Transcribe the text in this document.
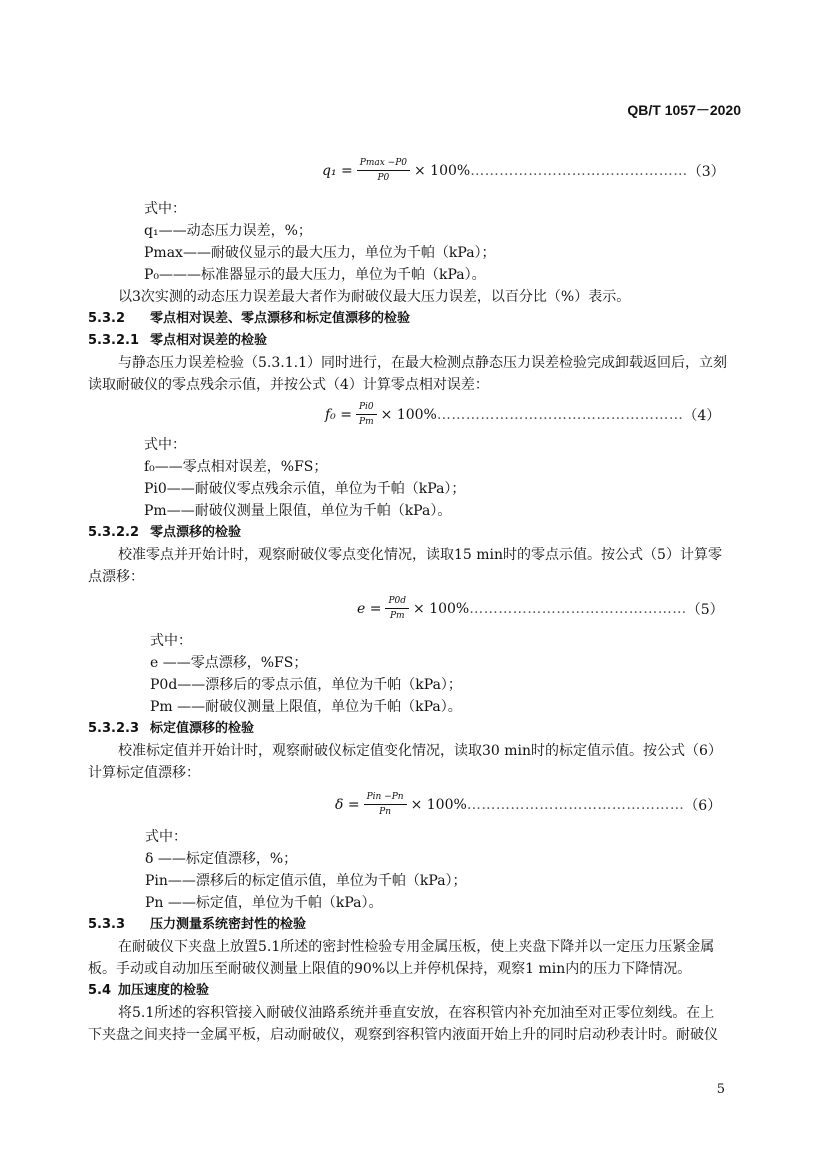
QB/T 1057－2020
$q_1 = \frac{Pmax -P0}{P0} \times 100\%$ ……………………………………… （3）
式中：
q₁——动态压力误差，%；
Pmax——耐破仪显示的最大压力，单位为千帕（kPa）；
P₀———标准器显示的最大压力，单位为千帕（kPa）。
以3次实测的动态压力误差最大者作为耐破仪最大压力误差，以百分比（%）表示。
5.3.2 零点相对误差、零点漂移和标定值漂移的检验
5.3.2.1 零点相对误差的检验
与静态压力误差检验（5.3.1.1）同时进行，在最大检测点静态压力误差检验完成卸载返回后，立刻
读取耐破仪的零点残余示值，并按公式（4）计算零点相对误差：
$f_0 = \frac{Pi0}{Pm} \times 100\%$ …………………………………………… （4）
式中：
f₀——零点相对误差，%FS；
Pi0——耐破仪零点残余示值，单位为千帕（kPa）；
Pm——耐破仪测量上限值，单位为千帕（kPa）。
5.3.2.2 零点漂移的检验
校准零点并开始计时，观察耐破仪零点变化情况，读取15 min时的零点示值。按公式（5）计算零
点漂移：
$e = \frac{P0d}{Pm} \times 100\%$ ……………………………………… （5）
式中：
e ——零点漂移，%FS；
P0d——漂移后的零点示值，单位为千帕（kPa）；
Pm ——耐破仪测量上限值，单位为千帕（kPa）。
5.3.2.3 标定值漂移的检验
校准标定值并开始计时，观察耐破仪标定值变化情况，读取30 min时的标定值示值。按公式（6）
计算标定值漂移：
$\delta = \frac{\text{Pin −Pn}}{Pn} \times 100\%$ ……………………………………… （6）
式中：
δ ——标定值漂移，%；
Pin——漂移后的标定值示值，单位为千帕（kPa）；
Pn ——标定值，单位为千帕（kPa）。
5.3.3 压力测量系统密封性的检验
在耐破仪下夹盘上放置5.1所述的密封性检验专用金属压板，使上夹盘下降并以一定压力压紧金属
板。手动或自动加压至耐破仪测量上限值的90%以上并停机保持，观察1 min内的压力下降情况。
5.4 加压速度的检验
将5.1所述的容积管接入耐破仪油路系统并垂直安放，在容积管内补充加油至对正零位刻线。在上
下夹盘之间夹持一金属平板，启动耐破仪，观察到容积管内液面开始上升的同时启动秒表计时。耐破仪
5
